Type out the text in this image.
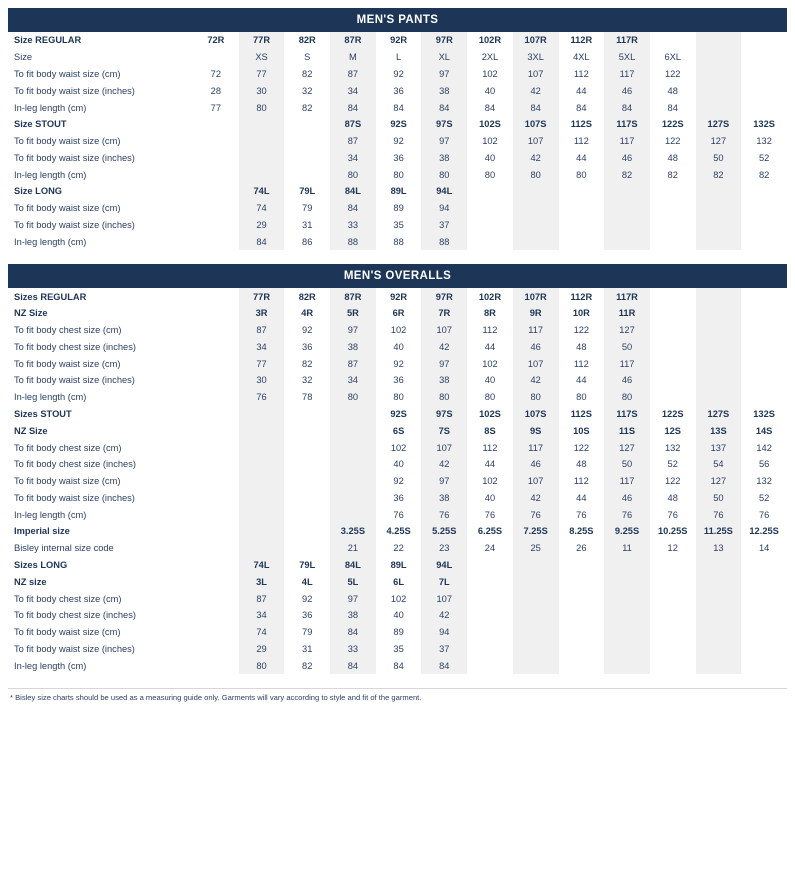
MEN'S PANTS
Size REGULAR	72R	77R	82R	87R	92R	97R	102R	107R	112R	117R			
Size		XS	S	M	L	XL	2XL	3XL	4XL	5XL	6XL		
To fit body waist size (cm)	72	77	82	87	92	97	102	107	112	117	122		
To fit body waist size (inches)	28	30	32	34	36	38	40	42	44	46	48		
In-leg length (cm)	77	80	82	84	84	84	84	84	84	84	84		
Size STOUT				87S	92S	97S	102S	107S	112S	117S	122S	127S	132S
To fit body waist size (cm)				87	92	97	102	107	112	117	122	127	132
To fit body waist size (inches)				34	36	38	40	42	44	46	48	50	52
In-leg length (cm)				80	80	80	80	80	80	82	82	82	82
Size LONG		74L	79L	84L	89L	94L							
To fit body waist size (cm)		74	79	84	89	94							
To fit body waist size (inches)		29	31	33	35	37							
In-leg length (cm)		84	86	88	88	88							
MEN'S OVERALLS
Sizes REGULAR		77R	82R	87R	92R	97R	102R	107R	112R	117R			
NZ Size		3R	4R	5R	6R	7R	8R	9R	10R	11R			
To fit body chest size (cm)		87	92	97	102	107	112	117	122	127			
To fit body chest size (inches)		34	36	38	40	42	44	46	48	50			
To fit body waist size (cm)		77	82	87	92	97	102	107	112	117			
To fit body waist size (inches)		30	32	34	36	38	40	42	44	46			
In-leg length (cm)		76	78	80	80	80	80	80	80	80			
Sizes STOUT					92S	97S	102S	107S	112S	117S	122S	127S	132S
NZ Size					6S	7S	8S	9S	10S	11S	12S	13S	14S
To fit body chest size (cm)					102	107	112	117	122	127	132	137	142
To fit body chest size (inches)					40	42	44	46	48	50	52	54	56
To fit body waist size (cm)					92	97	102	107	112	117	122	127	132
To fit body waist size (inches)					36	38	40	42	44	46	48	50	52
In-leg length (cm)					76	76	76	76	76	76	76	76	76
Imperial size				3.25S	4.25S	5.25S	6.25S	7.25S	8.25S	9.25S	10.25S	11.25S	12.25S
Bisley internal size code				21	22	23	24	25	26	11	12	13	14
Sizes LONG		74L	79L	84L	89L	94L							
NZ size		3L	4L	5L	6L	7L							
To fit body chest size (cm)		87	92	97	102	107							
To fit body chest size (inches)		34	36	38	40	42							
To fit body waist size (cm)		74	79	84	89	94							
To fit body waist size (inches)		29	31	33	35	37							
In-leg length (cm)		80	82	84	84	84							
* Bisley size charts should be used as a measuring guide only. Garments will vary according to style and fit of the garment.
